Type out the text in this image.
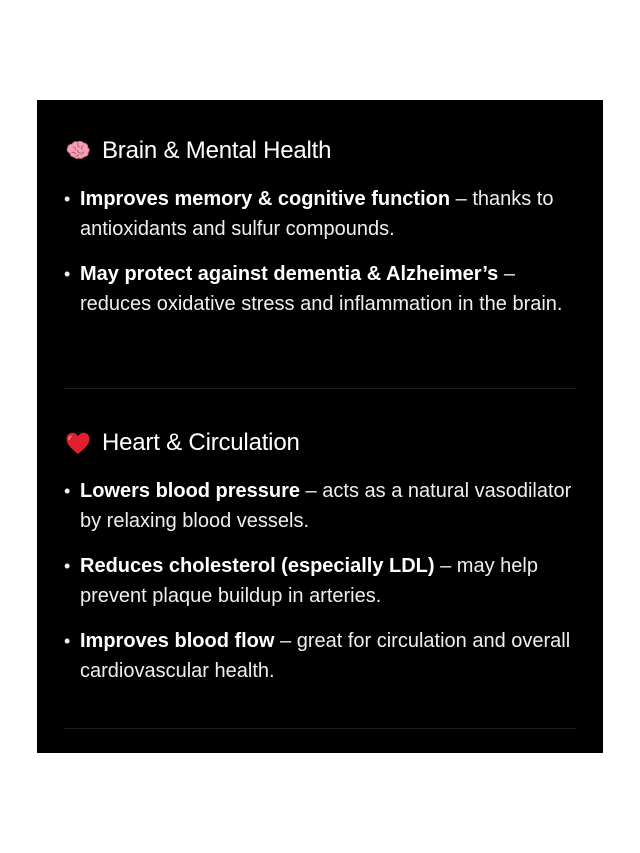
Brain & Mental Health
• Improves memory & cognitive function – thanks to antioxidants and sulfur compounds.
• May protect against dementia & Alzheimer’s – reduces oxidative stress and inflammation in the brain.
Heart & Circulation
• Lowers blood pressure – acts as a natural vasodilator by relaxing blood vessels.
• Reduces cholesterol (especially LDL) – may help prevent plaque buildup in arteries.
• Improves blood flow – great for circulation and overall cardiovascular health.
